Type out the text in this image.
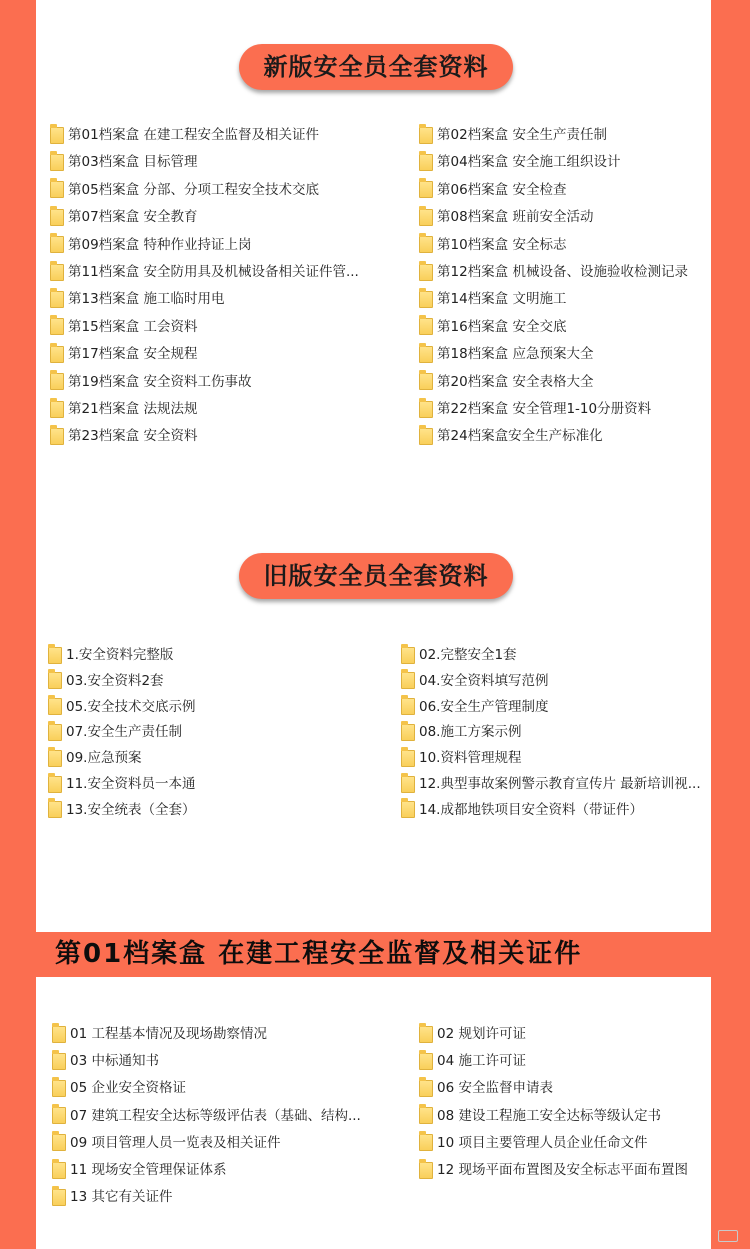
新版安全员全套资料
旧版安全员全套资料
第01档案盒 在建工程安全监督及相关证件
第01档案盒 在建工程安全监督及相关证件	第02档案盒 安全生产责任制
第03档案盒 目标管理	第04档案盒 安全施工组织设计
第05档案盒 分部、分项工程安全技术交底	第06档案盒 安全检查
第07档案盒 安全教育	第08档案盒 班前安全活动
第09档案盒 特种作业持证上岗	第10档案盒 安全标志
第11档案盒 安全防用具及机械设备相关证件管...	第12档案盒 机械设备、设施验收检测记录
第13档案盒 施工临时用电	第14档案盒 文明施工
第15档案盒 工会资料	第16档案盒 安全交底
第17档案盒 安全规程	第18档案盒 应急预案大全
第19档案盒 安全资料工伤事故	第20档案盒 安全表格大全
第21档案盒 法规法规	第22档案盒 安全管理1-10分册资料
第23档案盒 安全资料	第24档案盒安全生产标准化
1.安全资料完整版	02.完整安全1套
03.安全资料2套	04.安全资料填写范例
05.安全技术交底示例	06.安全生产管理制度
07.安全生产责任制	08.施工方案示例
09.应急预案	10.资料管理规程
11.安全资料员一本通	12.典型事故案例警示教育宣传片 最新培训视...
13.安全统表（全套）	14.成都地铁项目安全资料（带证件）
01 工程基本情况及现场勘察情况	02 规划许可证
03 中标通知书	04 施工许可证
05 企业安全资格证	06 安全监督申请表
07 建筑工程安全达标等级评估表（基础、结构...	08 建设工程施工安全达标等级认定书
09 项目管理人员一览表及相关证件	10 项目主要管理人员企业任命文件
11 现场安全管理保证体系	12 现场平面布置图及安全标志平面布置图
13 其它有关证件
